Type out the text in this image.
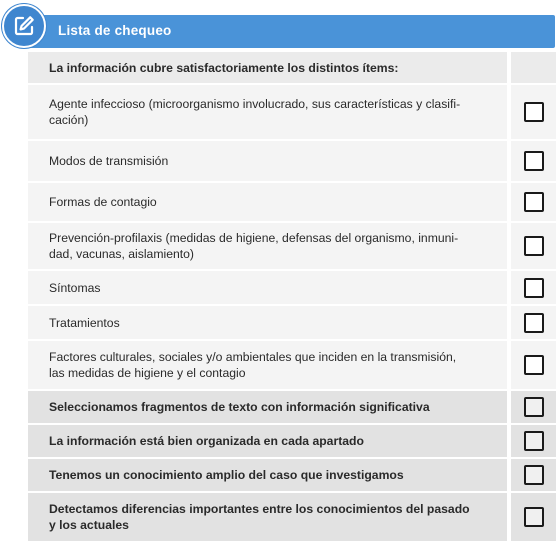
Lista de chequeo
La información cubre satisfactoriamente los distintos ítems:
Agente infeccioso (microorganismo involucrado, sus características y clasifi-
cación)
Modos de transmisión
Formas de contagio
Prevención-profilaxis (medidas de higiene, defensas del organismo, inmuni-
dad, vacunas, aislamiento)
Síntomas
Tratamientos
Factores culturales, sociales y/o ambientales que inciden en la transmisión,
las medidas de higiene y el contagio
Seleccionamos fragmentos de texto con información significativa
La información está bien organizada en cada apartado
Tenemos un conocimiento amplio del caso que investigamos
Detectamos diferencias importantes entre los conocimientos del pasado
y los actuales
